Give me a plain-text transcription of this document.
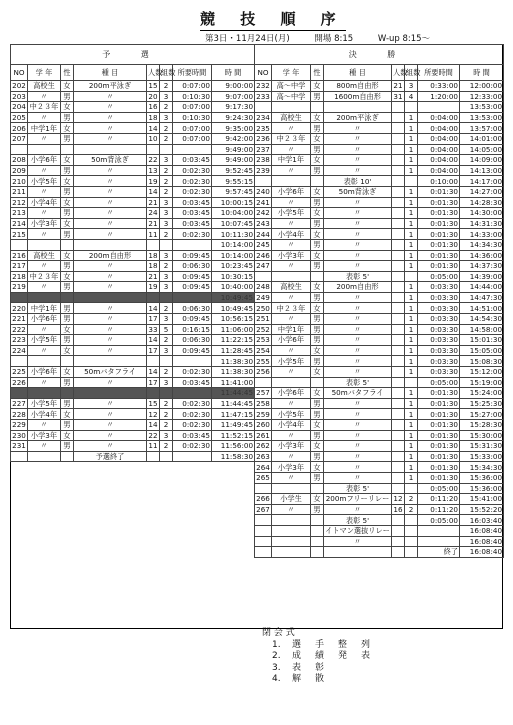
競 技 順 序
第3日・11月24日(月)	開場 8:15	W-up 8:15～
予 選							
NO	学 年	性	種 目	人数	組数	所要時間	時 間
202	高校生	女	200m平泳ぎ	15	2	0:07:00	9:00:00
203	〃	男	〃	20	3	0:10:30	9:07:00
204	中２３年	女	〃	16	2	0:07:00	9:17:30
205	〃	男	〃	18	3	0:10:30	9:24:30
206	中学1年	女	〃	14	2	0:07:00	9:35:00
207	〃	男	〃	10	2	0:07:00	9:42:00
							9:49:00
208	小学6年	女	50m背泳ぎ	22	3	0:03:45	9:49:00
209	〃	男	〃	13	2	0:02:30	9:52:45
210	小学5年	女	〃	19	2	0:02:30	9:55:15
211	〃	男	〃	14	2	0:02:30	9:57:45
212	小学4年	女	〃	21	3	0:03:45	10:00:15
213	〃	男	〃	24	3	0:03:45	10:04:00
214	小学3年	女	〃	21	3	0:03:45	10:07:45
215	〃	男	〃	11	2	0:02:30	10:11:30
							10:14:00
216	高校生	女	200m自由形	18	3	0:09:45	10:14:00
217	〃	男	〃	18	2	0:06:30	10:23:45
218	中２３年	女	〃	21	3	0:09:45	10:30:15
219	〃	男	〃	19	3	0:09:45	10:40:00
							10:49:45
220	中学1年	男	〃	14	2	0:06:30	10:49:45
221	小学6年	男	〃	17	3	0:09:45	10:56:15
222	〃	女	〃	33	5	0:16:15	11:06:00
223	小学5年	男	〃	14	2	0:06:30	11:22:15
224	〃	女	〃	17	3	0:09:45	11:28:45
							11:38:30
225	小学6年	女	50mバタフライ	14	2	0:02:30	11:38:30
226	〃	男	〃	17	3	0:03:45	11:41:00
							11:44:45
227	小学5年	男	〃	15	2	0:02:30	11:44:45
228	小学4年	女	〃	12	2	0:02:30	11:47:15
229	〃	男	〃	14	2	0:02:30	11:49:45
230	小学3年	女	〃	22	3	0:03:45	11:52:15
231	〃	男	〃	11	2	0:02:30	11:56:00
			予選終了				11:58:30
決 勝							
NO	学 年	性	種 目	人数	組数	所要時間	時 間
232	高～中学	女	800m自由形	21	3	0:33:00	12:00:00
233	高～中学	男	1600m自由形	31	4	1:20:00	12:33:00
							13:53:00
234	高校生	女	200m平泳ぎ		1	0:04:00	13:53:00
235	〃	男	〃		1	0:04:00	13:57:00
236	中２３年	女	〃		1	0:04:00	14:01:00
237	〃	男	〃		1	0:04:00	14:05:00
238	中学1年	女	〃		1	0:04:00	14:09:00
239	〃	男	〃		1	0:04:00	14:13:00
			表彰 10'			0:10:00	14:17:00
240	小学6年	女	50m背泳ぎ		1	0:01:30	14:27:00
241	〃	男	〃		1	0:01:30	14:28:30
242	小学5年	女	〃		1	0:01:30	14:30:00
243	〃	男	〃		1	0:01:30	14:31:30
244	小学4年	女	〃		1	0:01:30	14:33:00
245	〃	男	〃		1	0:01:30	14:34:30
246	小学3年	女	〃		1	0:01:30	14:36:00
247	〃	男	〃		1	0:01:30	14:37:30
			表彰 5'			0:05:00	14:39:00
248	高校生	女	200m自由形		1	0:03:30	14:44:00
249	〃	男	〃		1	0:03:30	14:47:30
250	中２３年	女	〃		1	0:03:30	14:51:00
251	〃	男	〃		1	0:03:30	14:54:30
252	中学1年	男	〃		1	0:03:30	14:58:00
253	小学6年	男	〃		1	0:03:30	15:01:30
254	〃	女	〃		1	0:03:30	15:05:00
255	小学5年	男	〃		1	0:03:30	15:08:30
256	〃	女	〃		1	0:03:30	15:12:00
			表彰 5'			0:05:00	15:19:00
257	小学6年	女	50mバタフライ		1	0:01:30	15:24:00
258	〃	男	〃		1	0:01:30	15:25:30
259	小学5年	男	〃		1	0:01:30	15:27:00
260	小学4年	女	〃		1	0:01:30	15:28:30
261	〃	男	〃		1	0:01:30	15:30:00
262	小学3年	女	〃		1	0:01:30	15:31:30
263	〃	男	〃		1	0:01:30	15:33:00
264	小学3年	女	〃		1	0:01:30	15:34:30
265	〃	男	〃		1	0:01:30	15:36:00
			表彰 5'			0:05:00	15:36:00
266	小学生	女	200mフリーリレー	12	2	0:11:20	15:41:00
267	〃	男	〃	16	2	0:11:20	15:52:20
			表彰 5'			0:05:00	16:03:40
			イトマン選抜リレー				16:08:40
			〃				16:08:40
						終了	16:08:40
閉 会 式
1. 選手整列
2. 成績発表
3. 表彰
4. 解散
